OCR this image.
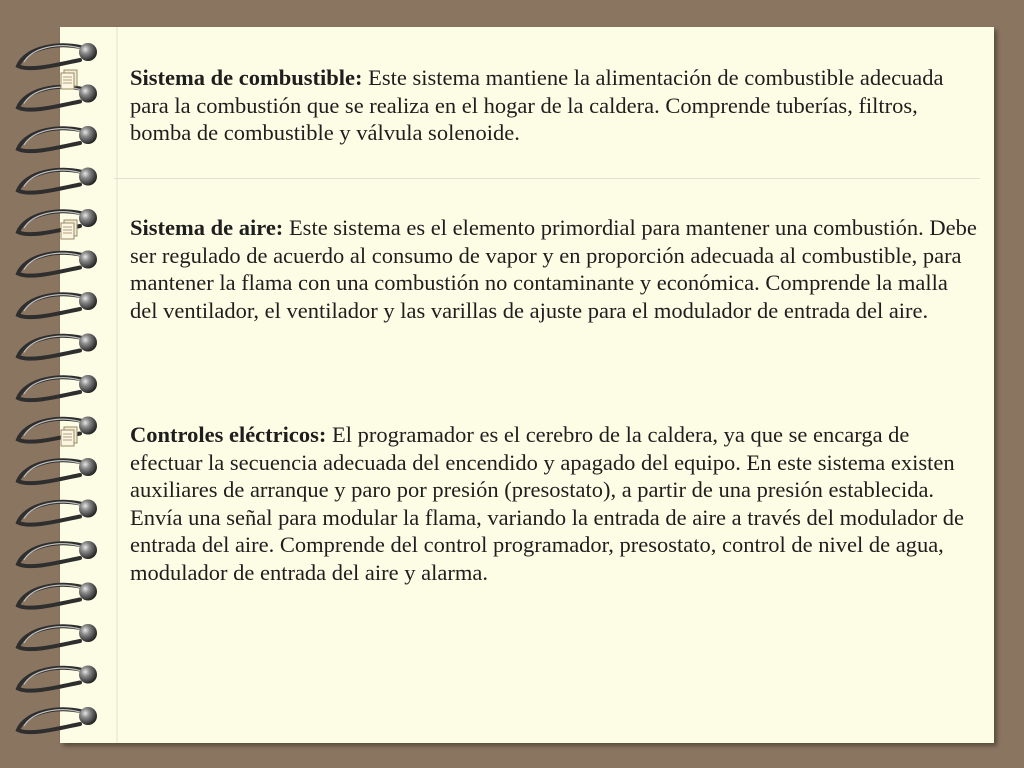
Sistema de combustible: Este sistema mantiene la alimentación de combustible adecuada para la combustión que se realiza en el hogar de la caldera. Comprende tuberías, filtros, bomba de combustible y válvula solenoide.

Sistema de aire: Este sistema es el elemento primordial para mantener una combustión. Debe ser regulado de acuerdo al consumo de vapor y en proporción adecuada al combustible, para mantener la flama con una combustión no contaminante y económica. Comprende la malla del ventilador, el ventilador y las varillas de ajuste para el modulador de entrada del aire.

Controles eléctricos: El programador es el cerebro de la caldera, ya que se encarga de efectuar la secuencia adecuada del encendido y apagado del equipo. En este sistema existen auxiliares de arranque y paro por presión (presostato), a partir de una presión establecida. Envía una señal para modular la flama, variando la entrada de aire a través del modulador de entrada del aire. Comprende del control programador, presostato, control de nivel de agua, modulador de entrada del aire y alarma.
